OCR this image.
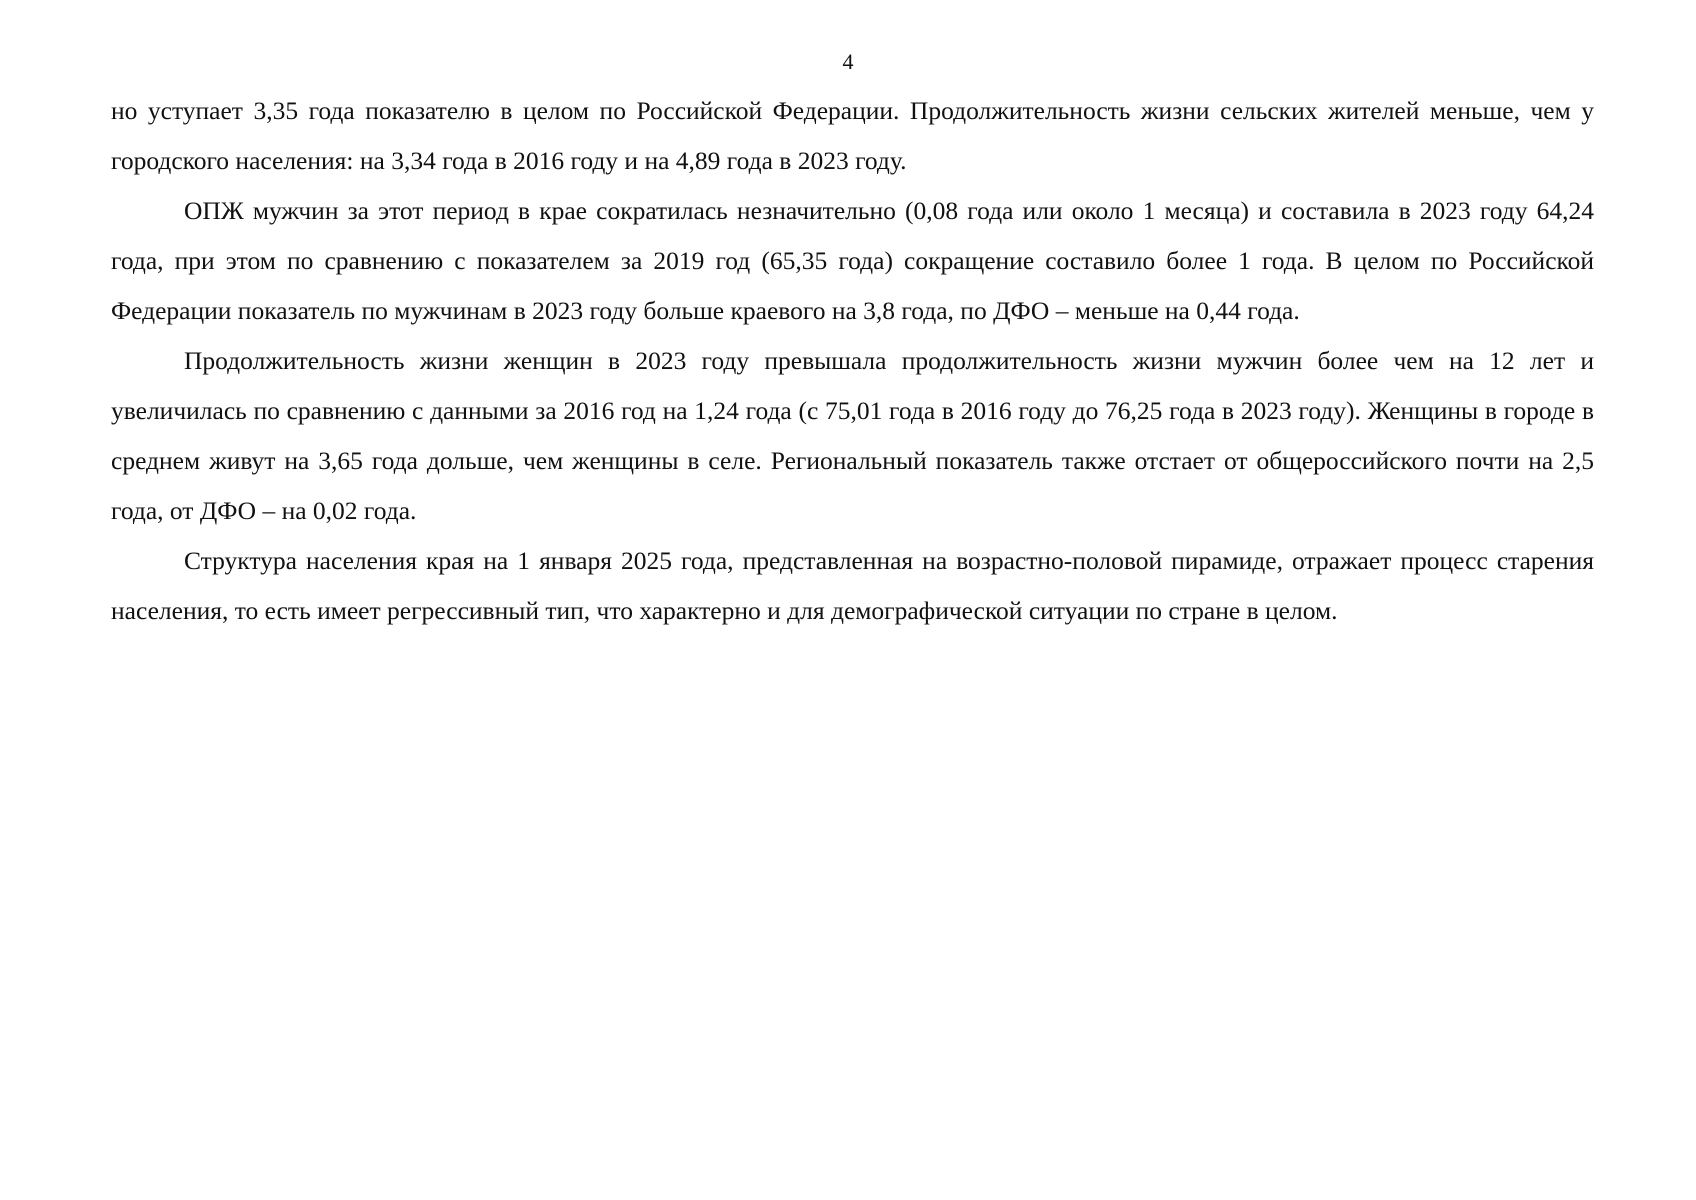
4

но уступает 3,35 года показателю в целом по Российской Федерации. Продолжительность жизни сельских жителей меньше, чем у городского населения: на 3,34 года в 2016 году и на 4,89 года в 2023 году.

ОПЖ мужчин за этот период в крае сократилась незначительно (0,08 года или около 1 месяца) и составила в 2023 году 64,24 года, при этом по сравнению с показателем за 2019 год (65,35 года) сокращение составило более 1 года. В целом по Российской Федерации показатель по мужчинам в 2023 году больше краевого на 3,8 года, по ДФО – меньше на 0,44 года.

Продолжительность жизни женщин в 2023 году превышала продолжительность жизни мужчин более чем на 12 лет и увеличилась по сравнению с данными за 2016 год на 1,24 года (с 75,01 года в 2016 году до 76,25 года в 2023 году). Женщины в городе в среднем живут на 3,65 года дольше, чем женщины в селе. Региональный показатель также отстает от общероссийского почти на 2,5 года, от ДФО – на 0,02 года.

Структура населения края на 1 января 2025 года, представленная на возрастно-половой пирамиде, отражает процесс старения населения, то есть имеет регрессивный тип, что характерно и для демографической ситуации по стране в целом.
